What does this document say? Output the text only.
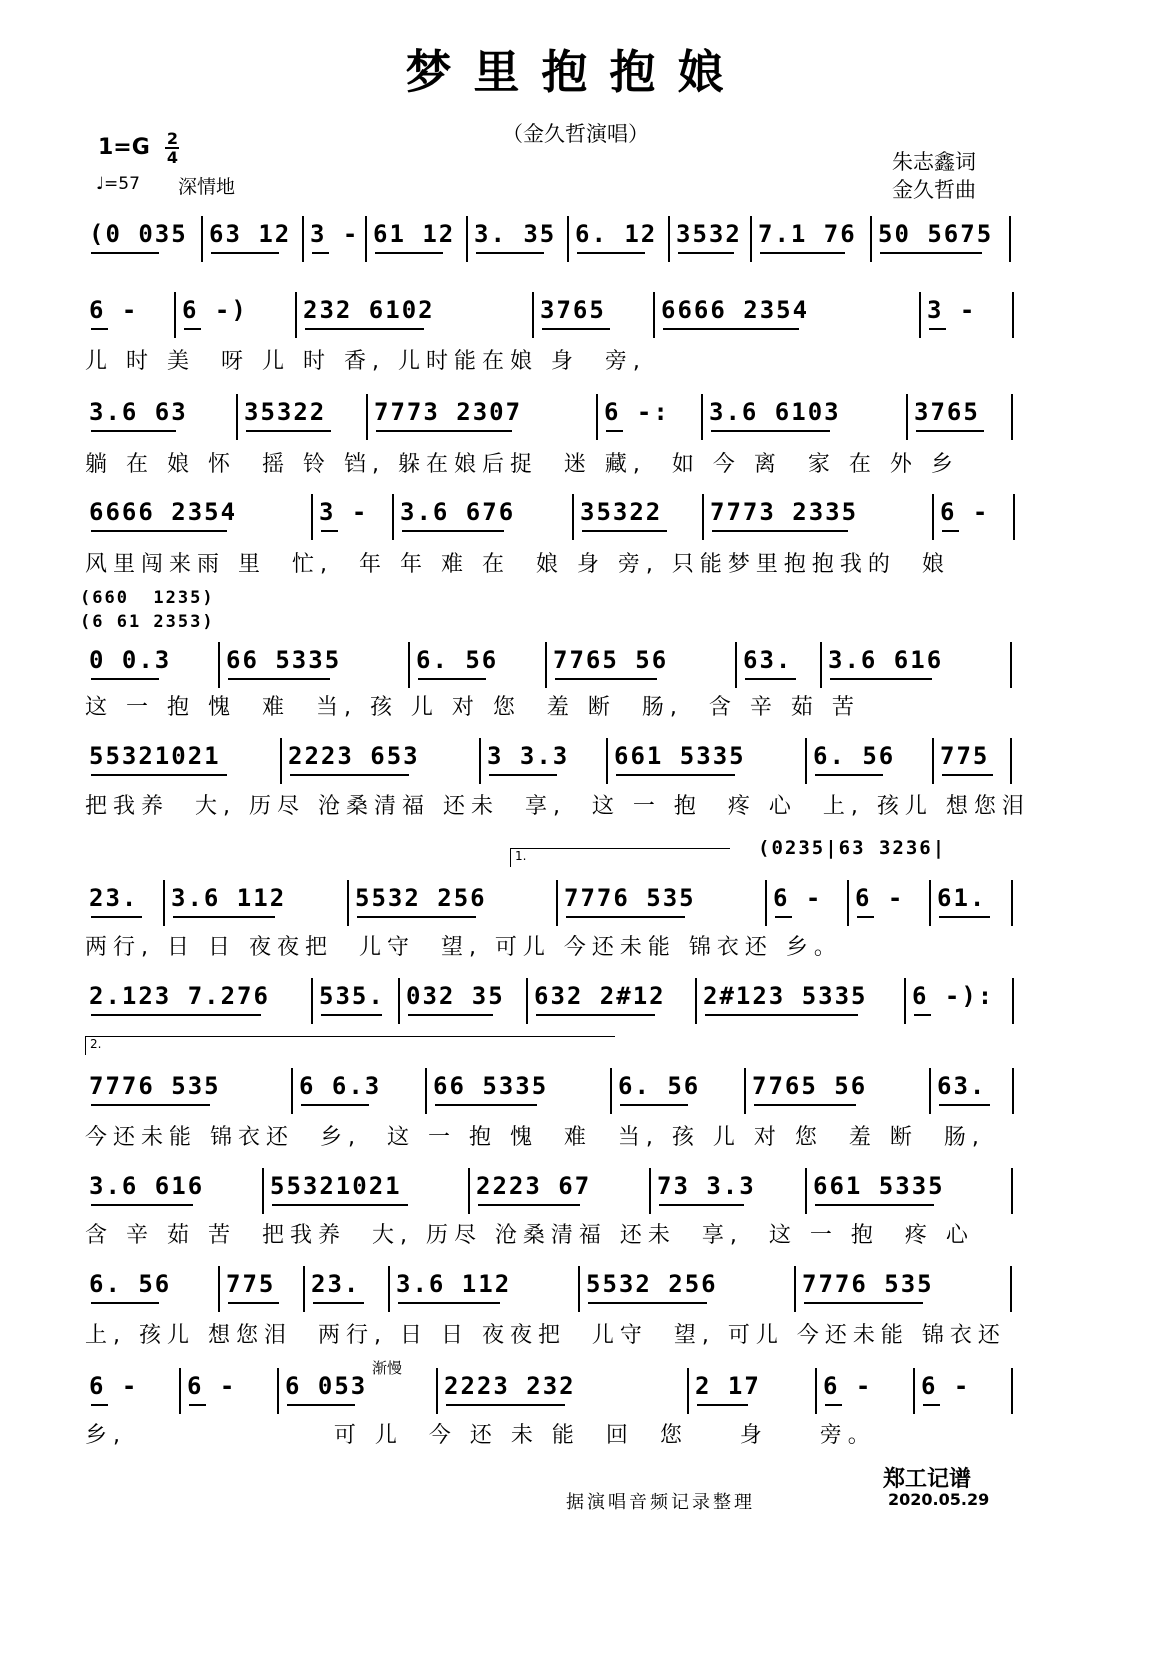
梦里抱抱娘
（金久哲演唱）
$1=G \frac{2}{4}$
♩=57 深情地
朱志鑫词
金久哲曲
(660  1235)
(6 61 2353)
(0235|63 3236|
1.
2.
渐慢
(0 035 63 12 3 - 61 12 3. 35 6. 12 3532 7.1 76 50 5675
6 -	6 -)	232 6102	3765	6666 2354	3 -
儿 时 美  呀 儿 时 香, 儿时能在娘 身  旁,
3.6 63	35322	7773 2307	6 -:	3.6 6103	3765
躺 在 娘 怀  摇 铃 铛, 躲在娘后捉  迷 藏,  如 今 离  家 在 外 乡
6666 2354	3 -	3.6 676	35322	7773 2335	6 -
风里闯来雨 里  忙,  年 年 难 在  娘 身 旁, 只能梦里抱抱我的  娘
0 0.3	66 5335	6. 56	7765 56	63.	3.6 616
这 一 抱 愧  难  当, 孩 儿 对 您  羞 断  肠,  含 辛 茹 苦
55321021	2223 653	3 3.3	661 5335	6. 56	775
把我养  大, 历尽 沧桑清福 还未  享,  这 一 抱  疼 心  上, 孩儿 想您泪
23.	3.6 112	5532 256	7776 535	6 -	6 -	61.
两行, 日 日 夜夜把  儿守  望, 可儿 今还未能 锦衣还 乡。
2.123 7.276	535. 032 35	632 2#12	2#123 5335	6 -):
7776 535	6 6.3	66 5335	6. 56	7765 56	63.
今还未能 锦衣还  乡,  这 一 抱 愧  难  当, 孩 儿 对 您  羞 断  肠,
3.6 616	55321021	2223 67	73 3.3	661 5335
含 辛 茹 苦  把我养  大, 历尽 沧桑清福 还未  享,  这 一 抱  疼 心
6. 56	775	23.	3.6 112	5532 256	7776 535
上, 孩儿 想您泪  两行, 日 日 夜夜把  儿守  望, 可儿 今还未能 锦衣还
6 -	6 -	6 053	2223 232	2 17	6 -	6 -
乡,                可 儿  今 还 未 能  回  您    身    旁。
据演唱音频记录整理
郑工记谱
2020.05.29
